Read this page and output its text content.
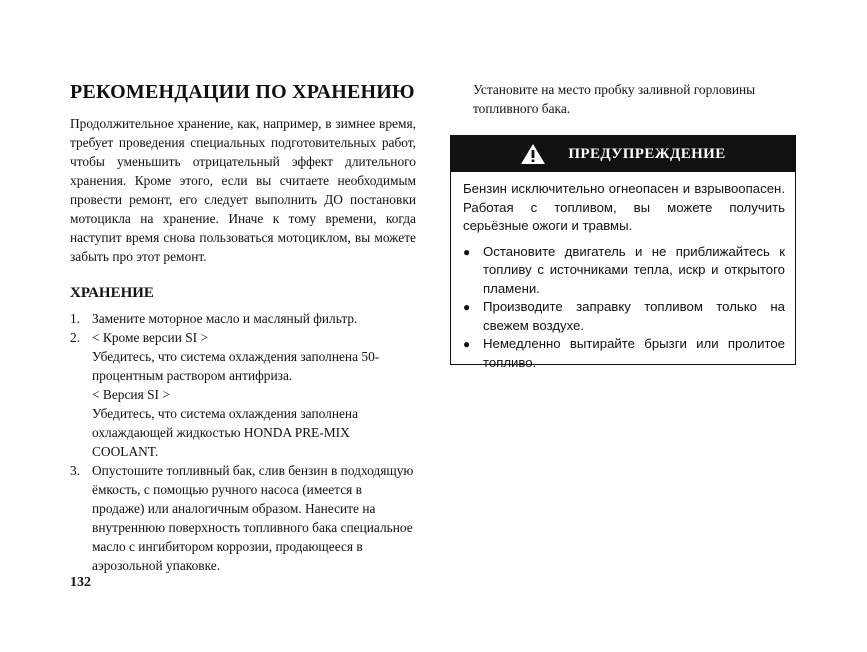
РЕКОМЕНДАЦИИ ПО ХРАНЕНИЮ

Продолжительное хранение, как, например, в зимнее время, требует проведения специальных подготовительных работ, чтобы уменьшить отрицательный эффект длительного хранения. Кроме этого, если вы считаете необходимым провести ремонт, его следует выполнить ДО постановки мотоцикла на хранение. Иначе к тому времени, когда наступит время снова пользоваться мотоциклом, вы можете забыть про этот ремонт.

ХРАНЕНИЕ
1. Замените моторное масло и масляный фильтр.
2. < Кроме версии SI >
Убедитесь, что система охлаждения заполнена 50-процентным раствором антифриза.
< Версия SI >
Убедитесь, что система охлаждения заполнена охлаждающей жидкостью HONDA PRE-MIX COOLANT.
3. Опустошите топливный бак, слив бензин в подходящую ёмкость, с помощью ручного насоса (имеется в продаже) или аналогичным образом. Нанесите на внутреннюю поверхность топливного бака специальное масло с ингибитором коррозии, продающееся в аэрозольной упаковке.
132

Установите на место пробку заливной горловины топливного бака.

ПРЕДУПРЕЖДЕНИЕ

Бензин исключительно огнеопасен и взрывоопасен. Работая с топливом, вы можете получить серьёзные ожоги и травмы.

● Остановите двигатель и не приближайтесь к топливу с источниками тепла, искр и открытого пламени.
● Производите заправку топливом только на свежем воздухе.
● Немедленно вытирайте брызги или пролитое топливо.
